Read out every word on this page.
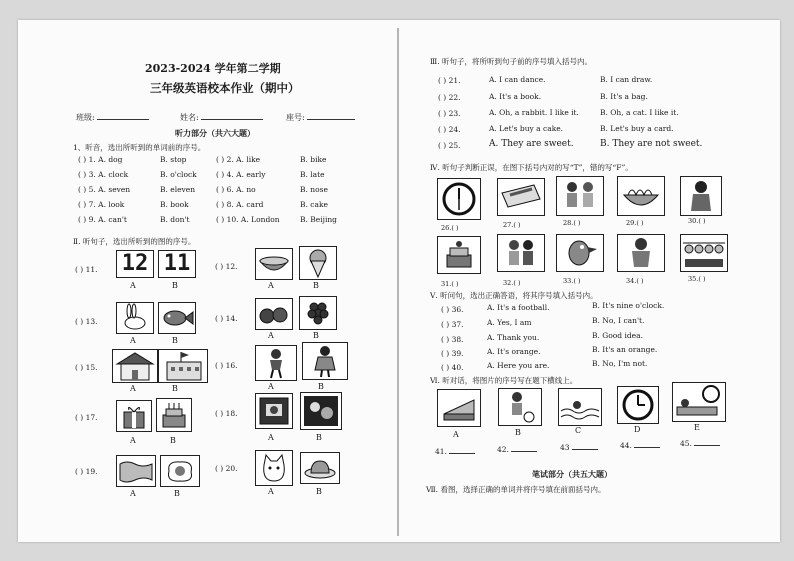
2023-2024 学年第二学期
三年级英语校本作业（期中）
班级:	姓名:	座号:
听力部分（共六大题）
1、听音，选出所听到的单词前的序号。
( ) 1. A. dog	B. stop	( ) 2. A. like	B. bike
( ) 3. A. clock	B. o'clock	( ) 4. A. early	B. late
( ) 5. A. seven	B. eleven	( ) 6. A. no	B. nose
( ) 7. A. look	B. book	( ) 8. A. card	B. cake
( ) 9. A. can't	B. don't	( ) 10. A. London	B. Beijing
Ⅱ. 听句子，选出所听到的图的序号。
( ) 11.	( ) 12.
( ) 13.	( ) 14.
( ) 15.	( ) 16.
( ) 17.	( ) 18.
( ) 19.	( ) 20.
12 11
A	B	A	B
A	B
A	B
A	B	A	B
A	B	A	B
A	B	A	B
Ⅲ. 听句子，将所听到句子前的序号填入括号内。
( ) 21.	A. I can dance.	B. I can draw.
( ) 22.	A. It's a book.	B. It's a bag.
( ) 23.	A. Oh, a rabbit. I like it.	B. Oh, a cat. I like it.
( ) 24.	A. Let's buy a cake.	B. Let's buy a card.
( ) 25.	A. They are sweet.	B. They are not sweet.
Ⅳ. 听句子判断正误，在图下括号内对的写“T”，错的写“F”。
26.( )	27.( )	28.( )	29.( )	30.( )
31.( )	32.( )	33.( )	34.( )	35.( )
Ⅴ. 听问句，选出正确答语，将其序号填入括号内。
( ) 36.	A. It's a football.	B. It's nine o'clock.
( ) 37.	A. Yes, I am	B. No, I can't.
( ) 38.	A. Thank you.	B. Good idea.
( ) 39.	A. It's orange.	B. It's an orange.
( ) 40.	A. Here you are.	B. No, I'm not.
Ⅵ. 听对话，将图片的序号写在题下横线上。
A	B	C	D	E
41.	42.	43	44.	45.
笔试部分（共五大题）
Ⅶ. 看图，选择正确的单词并将序号填在前面括号内。
